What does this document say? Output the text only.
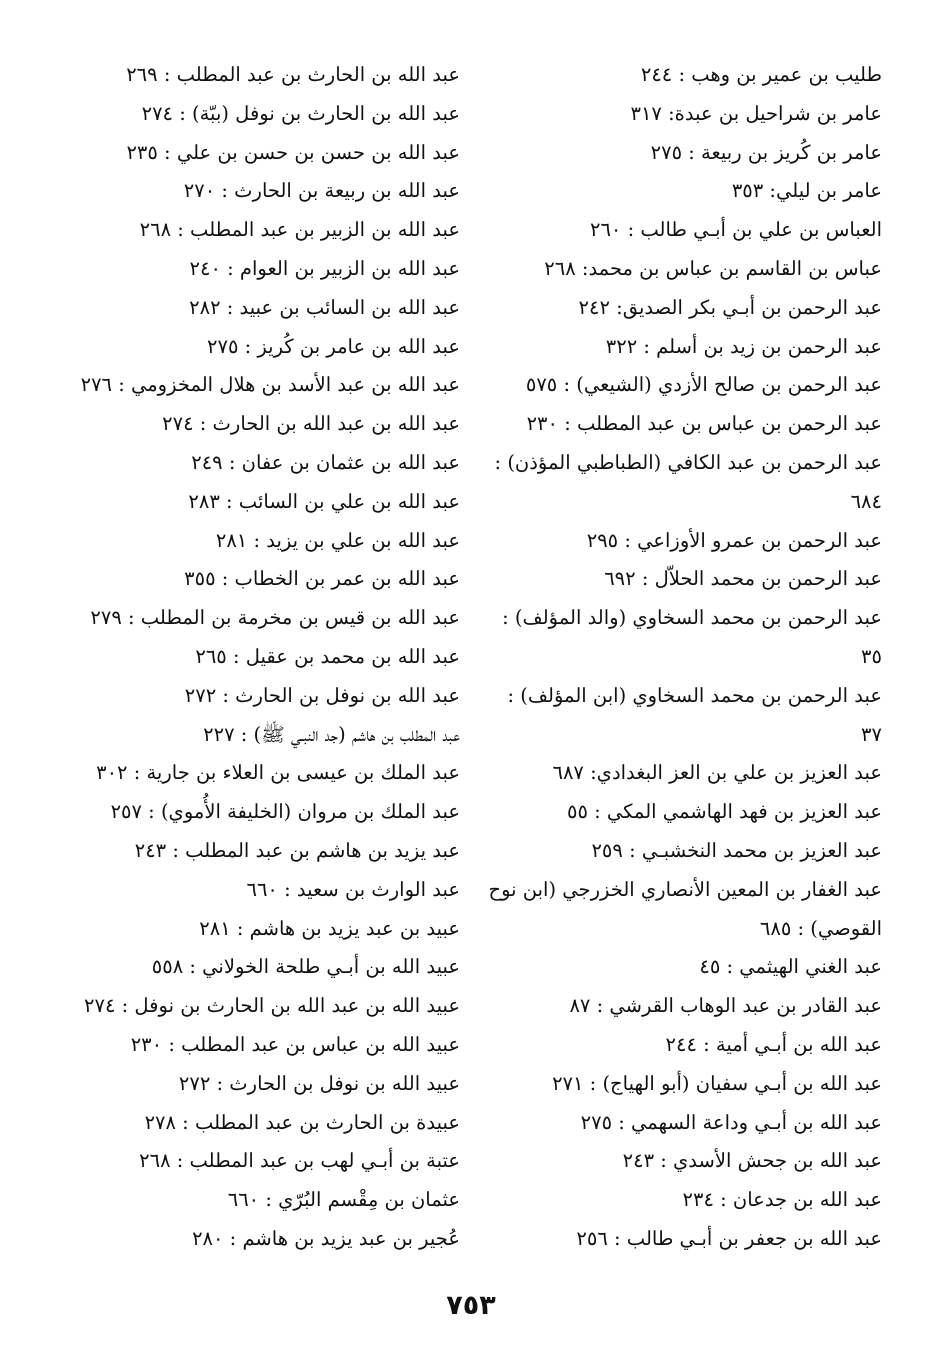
طليب بن عمير بن وهب : ٢٤٤
عامر بن شراحيل بن عبدة: ٣١٧
عامر بن كُريز بن ربيعة : ٢٧٥
عامر بن ليلي: ٣٥٣
العباس بن علي بن أبـي طالب : ٢٦٠
عباس بن القاسم بن عباس بن محمد: ٢٦٨
عبد الرحمن بن أبـي بكر الصديق: ٢٤٢
عبد الرحمن بن زيد بن أسلم : ٣٢٢
عبد الرحمن بن صالح الأزدي (الشيعي) : ٥٧٥
عبد الرحمن بن عباس بن عبد المطلب : ٢٣٠
عبد الرحمن بن عبد الكافي (الطباطبي المؤذن) : ٦٨٤
عبد الرحمن بن عمرو الأوزاعي : ٢٩٥
عبد الرحمن بن محمد الحلاّل : ٦٩٢
عبد الرحمن بن محمد السخاوي (والد المؤلف) : ٣٥
عبد الرحمن بن محمد السخاوي (ابن المؤلف) : ٣٧
عبد العزيز بن علي بن العز البغدادي: ٦٨٧
عبد العزيز بن فهد الهاشمي المكي : ٥٥
عبد العزيز بن محمد النخشبـي : ٢٥٩
عبد الغفار بن المعين الأنصاري الخزرجي (ابن نوح القوصي) : ٦٨٥
عبد الغني الهيثمي : ٤٥
عبد القادر بن عبد الوهاب القرشي : ٨٧
عبد الله بن أبـي أمية : ٢٤٤
عبد الله بن أبـي سفيان (أبو الهياج) : ٢٧١
عبد الله بن أبـي وداعة السهمي : ٢٧٥
عبد الله بن جحش الأسدي : ٢٤٣
عبد الله بن جدعان : ٢٣٤
عبد الله بن جعفر بن أبـي طالب : ٢٥٦
عبد الله بن الحارث بن عبد المطلب : ٢٦٩
عبد الله بن الحارث بن نوفل (ببّة) : ٢٧٤
عبد الله بن حسن بن حسن بن علي : ٢٣٥
عبد الله بن ربيعة بن الحارث : ٢٧٠
عبد الله بن الزبير بن عبد المطلب : ٢٦٨
عبد الله بن الزبير بن العوام : ٢٤٠
عبد الله بن السائب بن عبيد : ٢٨٢
عبد الله بن عامر بن كُريز : ٢٧٥
عبد الله بن عبد الأسد بن هلال المخزومي : ٢٧٦
عبد الله بن عبد الله بن الحارث : ٢٧٤
عبد الله بن عثمان بن عفان : ٢٤٩
عبد الله بن علي بن السائب : ٢٨٣
عبد الله بن علي بن يزيد : ٢٨١
عبد الله بن عمر بن الخطاب : ٣٥٥
عبد الله بن قيس بن مخرمة بن المطلب : ٢٧٩
عبد الله بن محمد بن عقيل : ٢٦٥
عبد الله بن نوفل بن الحارث : ٢٧٢
عبد المطلب بن هاشم (جد النبـي ﷺ) : ٢٢٧
عبد الملك بن عيسى بن العلاء بن جارية : ٣٠٢
عبد الملك بن مروان (الخليفة الأُموي) : ٢٥٧
عبد يزيد بن هاشم بن عبد المطلب : ٢٤٣
عبد الوارث بن سعيد : ٦٦٠
عبيد بن عبد يزيد بن هاشم : ٢٨١
عبيد الله بن أبـي طلحة الخولاني : ٥٥٨
عبيد الله بن عبد الله بن الحارث بن نوفل : ٢٧٤
عبيد الله بن عباس بن عبد المطلب : ٢٣٠
عبيد الله بن نوفل بن الحارث : ٢٧٢
عبيدة بن الحارث بن عبد المطلب : ٢٧٨
عتبة بن أبـي لهب بن عبد المطلب : ٢٦٨
عثمان بن مِقْسم البُرّي : ٦٦٠
عُجير بن عبد يزيد بن هاشم : ٢٨٠
٧٥٣
